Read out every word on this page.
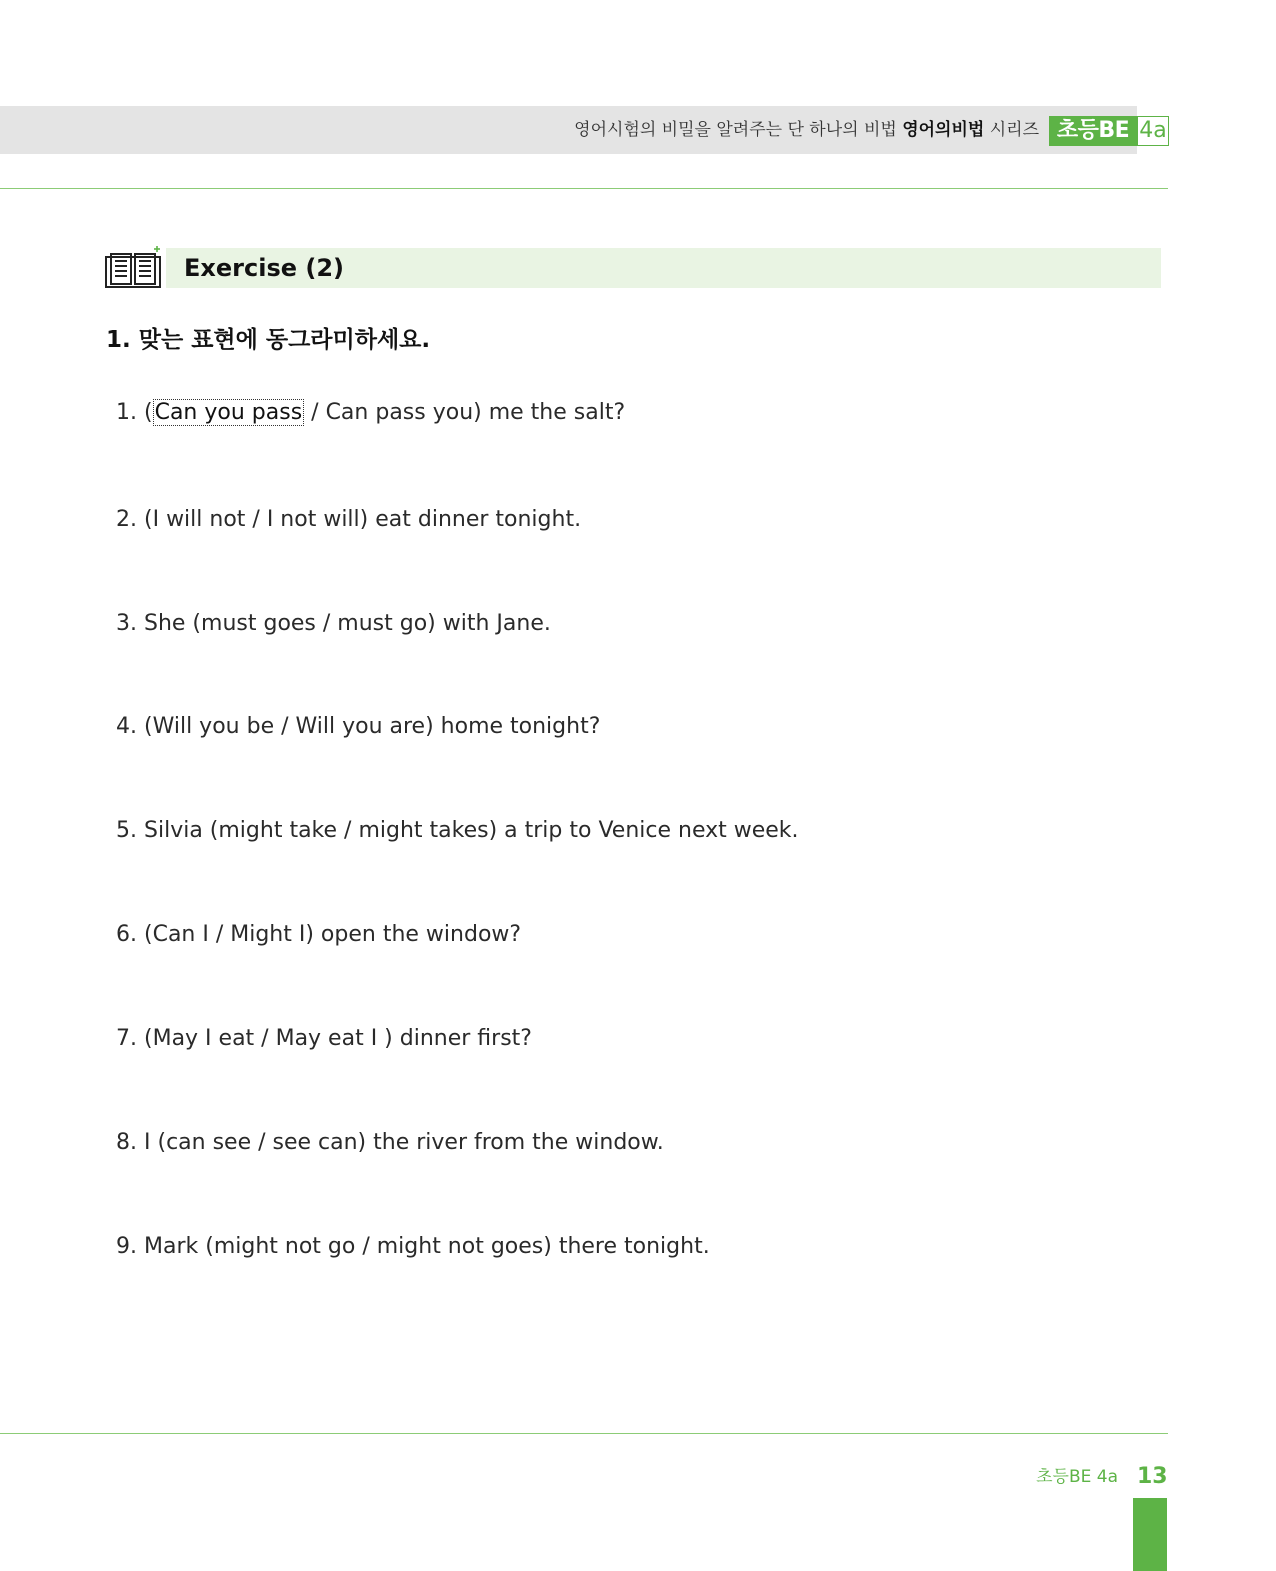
영어시험의 비밀을 알려주는 단 하나의 비법 영어의비법 시리즈 초등BE 4a
Exercise (2)
1. 맞는 표현에 동그라미하세요.
1. (Can you pass / Can pass you) me the salt?
2. (I will not / I not will) eat dinner tonight.
3. She (must goes / must go) with Jane.
4. (Will you be / Will you are) home tonight?
5. Silvia (might take / might takes) a trip to Venice next week.
6. (Can I / Might I) open the window?
7. (May I eat / May eat I ) dinner first?
8. I (can see / see can) the river from the window.
9. Mark (might not go / might not goes) there tonight.
초등BE 4a 13
